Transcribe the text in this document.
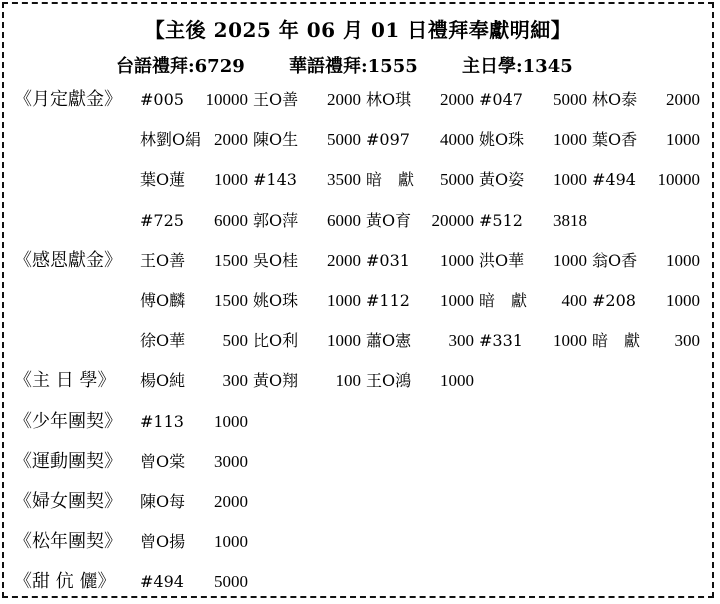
【主後 2025 年 06 月 01 日禮拜奉獻明細】
台語禮拜:6729 華語禮拜:1555 主日學:1345
《月定獻金》 #005 10000 王O善 2000 林O琪 2000 #047 5000 林O泰 2000
林劉O絹 2000 陳O生 5000 #097 4000 姚O珠 1000 葉O香 1000
葉O蓮 1000 #143 3500 暗　獻 5000 黃O姿 1000 #494 10000
#725 6000 郭O萍 6000 黃O育 20000 #512 3818
《感恩獻金》 王O善 1500 吳O桂 2000 #031 1000 洪O華 1000 翁O香 1000
傅O麟 1500 姚O珠 1000 #112 1000 暗　獻 400 #208 1000
徐O華 500 比O利 1000 蕭O憲 300 #331 1000 暗　獻 300
《主 日 學》 楊O純 300 黃O翔 100 王O鴻 1000
《少年團契》 #113 1000
《運動團契》 曾O棠 3000
《婦女團契》 陳O每 2000
《松年團契》 曾O揚 1000
《甜 伉 儷》 #494 5000
